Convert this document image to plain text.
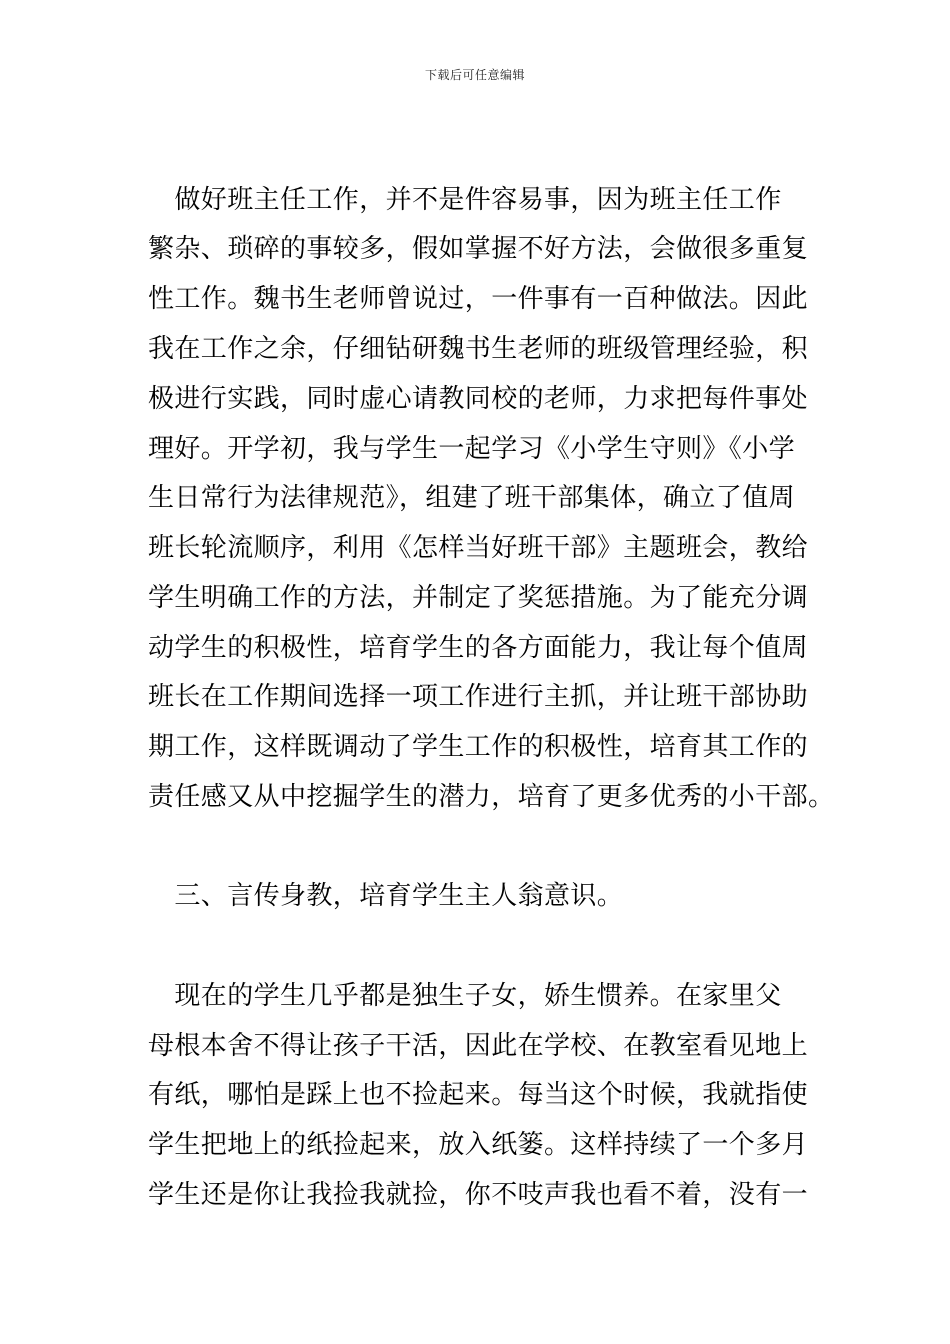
下载后可任意编辑
　做好班主任工作，并不是件容易事，因为班主任工作
繁杂、琐碎的事较多，假如掌握不好方法，会做很多重复
性工作。魏书生老师曾说过，一件事有一百种做法。因此
我在工作之余，仔细钻研魏书生老师的班级管理经验，积
极进行实践，同时虚心请教同校的老师，力求把每件事处
理好。开学初，我与学生一起学习《小学生守则》《小学
生日常行为法律规范》，组建了班干部集体，确立了值周
班长轮流顺序，利用《怎样当好班干部》主题班会，教给
学生明确工作的方法，并制定了奖惩措施。为了能充分调
动学生的积极性，培育学生的各方面能力，我让每个值周
班长在工作期间选择一项工作进行主抓，并让班干部协助
期工作，这样既调动了学生工作的积极性，培育其工作的
责任感又从中挖掘学生的潜力，培育了更多优秀的小干部。
　三、言传身教，培育学生主人翁意识。
　现在的学生几乎都是独生子女，娇生惯养。在家里父
母根本舍不得让孩子干活，因此在学校、在教室看见地上
有纸，哪怕是踩上也不捡起来。每当这个时候，我就指使
学生把地上的纸捡起来，放入纸篓。这样持续了一个多月
学生还是你让我捡我就捡，你不吱声我也看不着，没有一
